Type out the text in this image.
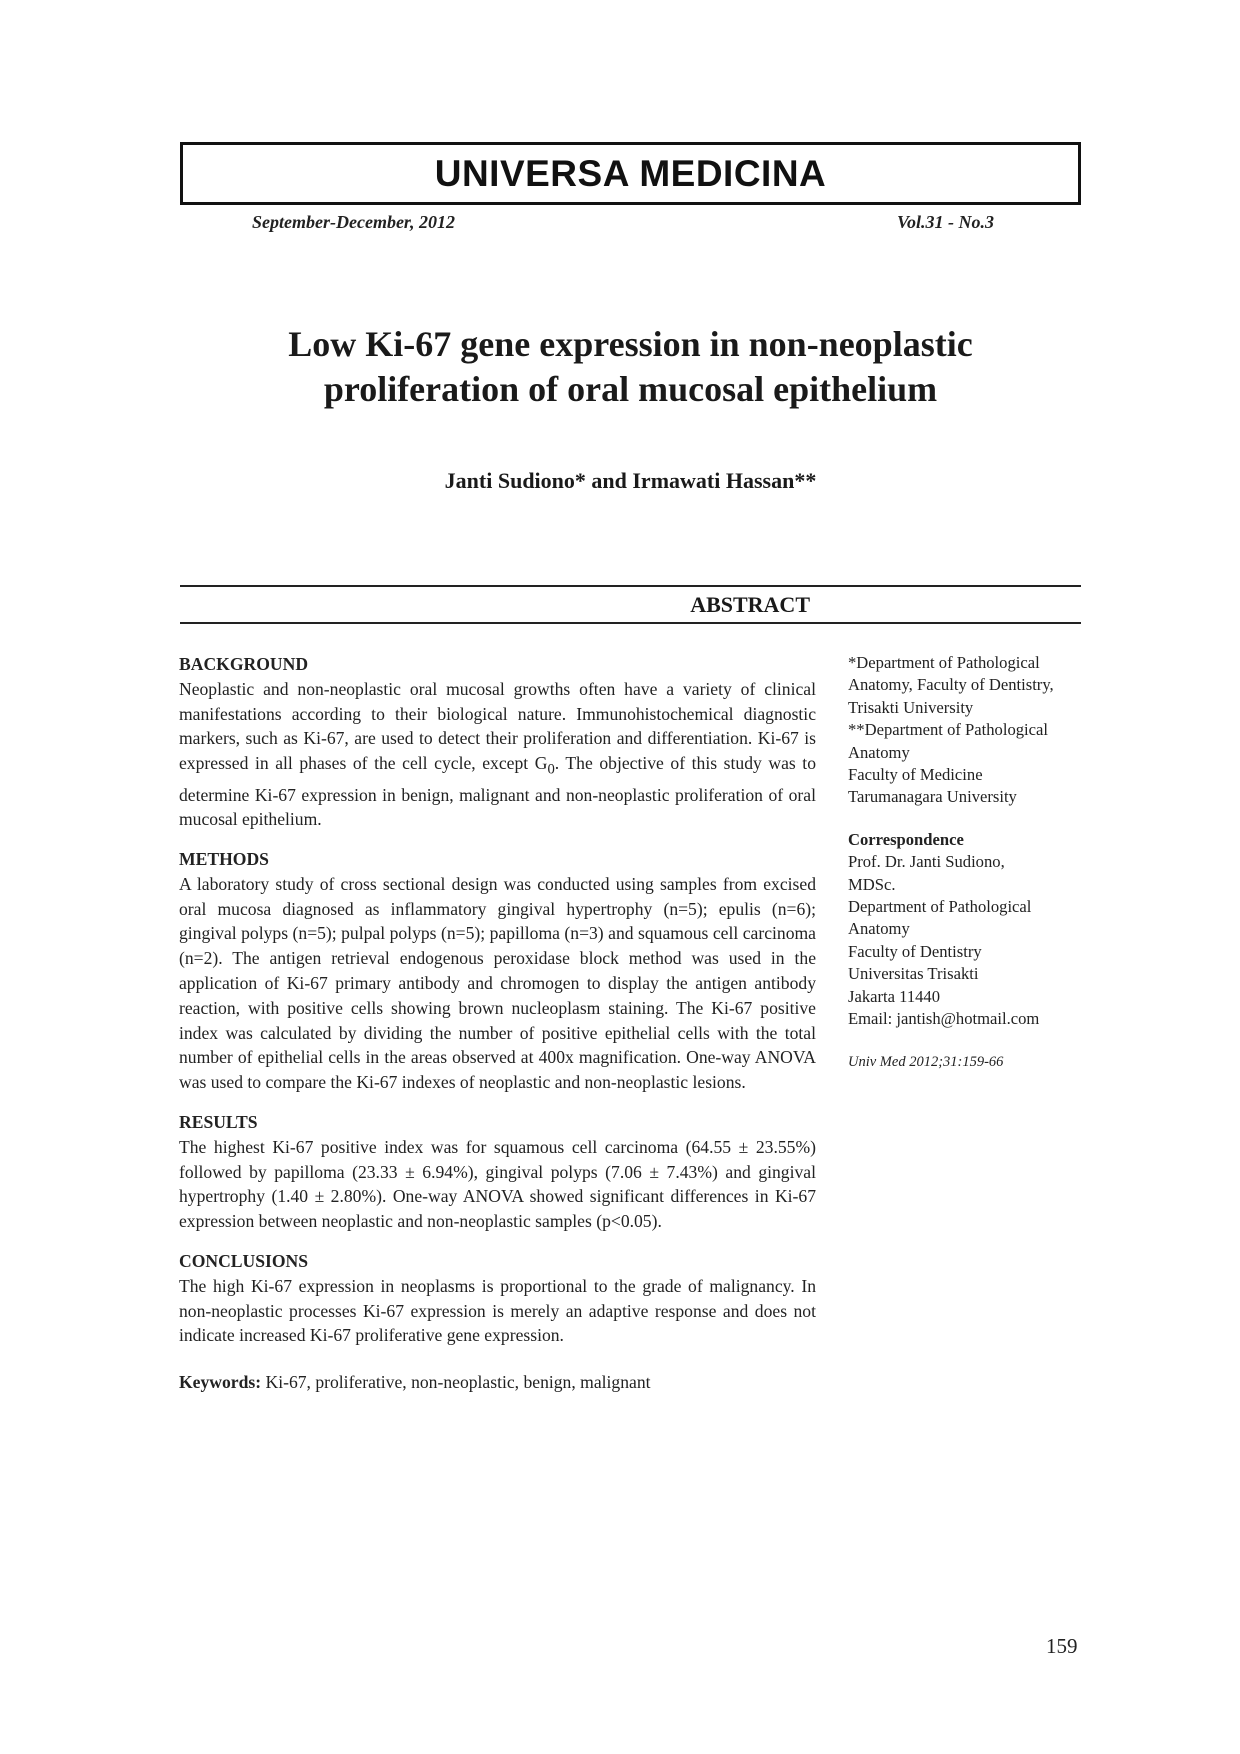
UNIVERSA MEDICINA
September-December, 2012	Vol.31 - No.3
Low Ki-67 gene expression in non-neoplastic
proliferation of oral mucosal epithelium
Janti Sudiono* and Irmawati Hassan**
ABSTRACT

BACKGROUND

Neoplastic and non-neoplastic oral mucosal growths often have a variety of clinical manifestations according to their biological nature. Immunohistochemical diagnostic markers, such as Ki-67, are used to detect their proliferation and differentiation. Ki-67 is expressed in all phases of the cell cycle, except $G_0$. The objective of this study was to determine Ki-67 expression in benign, malignant and non-neoplastic proliferation of oral mucosal epithelium.

METHODS

A laboratory study of cross sectional design was conducted using samples from excised oral mucosa diagnosed as inflammatory gingival hypertrophy (n=5); epulis (n=6); gingival polyps (n=5); pulpal polyps (n=5); papilloma (n=3) and squamous cell carcinoma (n=2). The antigen retrieval endogenous peroxidase block method was used in the application of Ki-67 primary antibody and chromogen to display the antigen antibody reaction, with positive cells showing brown nucleoplasm staining. The Ki-67 positive index was calculated by dividing the number of positive epithelial cells with the total number of epithelial cells in the areas observed at 400x magnification. One-way ANOVA was used to compare the Ki-67 indexes of neoplastic and non-neoplastic lesions.

RESULTS

The highest Ki-67 positive index was for squamous cell carcinoma (64.55 ± 23.55%) followed by papilloma (23.33 ± 6.94%), gingival polyps (7.06 ± 7.43%) and gingival hypertrophy (1.40 ± 2.80%). One-way ANOVA showed significant differences in Ki-67 expression between neoplastic and non-neoplastic samples (p<0.05).

CONCLUSIONS

The high Ki-67 expression in neoplasms is proportional to the grade of malignancy. In non-neoplastic processes Ki-67 expression is merely an adaptive response and does not indicate increased Ki-67 proliferative gene expression.

Keywords: Ki-67, proliferative, non-neoplastic, benign, malignant

*Department of Pathological
Anatomy, Faculty of Dentistry,
Trisakti University
**Department of Pathological
Anatomy
Faculty of Medicine
Tarumanagara University
Correspondence
Prof. Dr. Janti Sudiono,
MDSc.
Department of Pathological
Anatomy
Faculty of Dentistry
Universitas Trisakti
Jakarta 11440
Email: jantish@hotmail.com
Univ Med 2012;31:159-66
159
